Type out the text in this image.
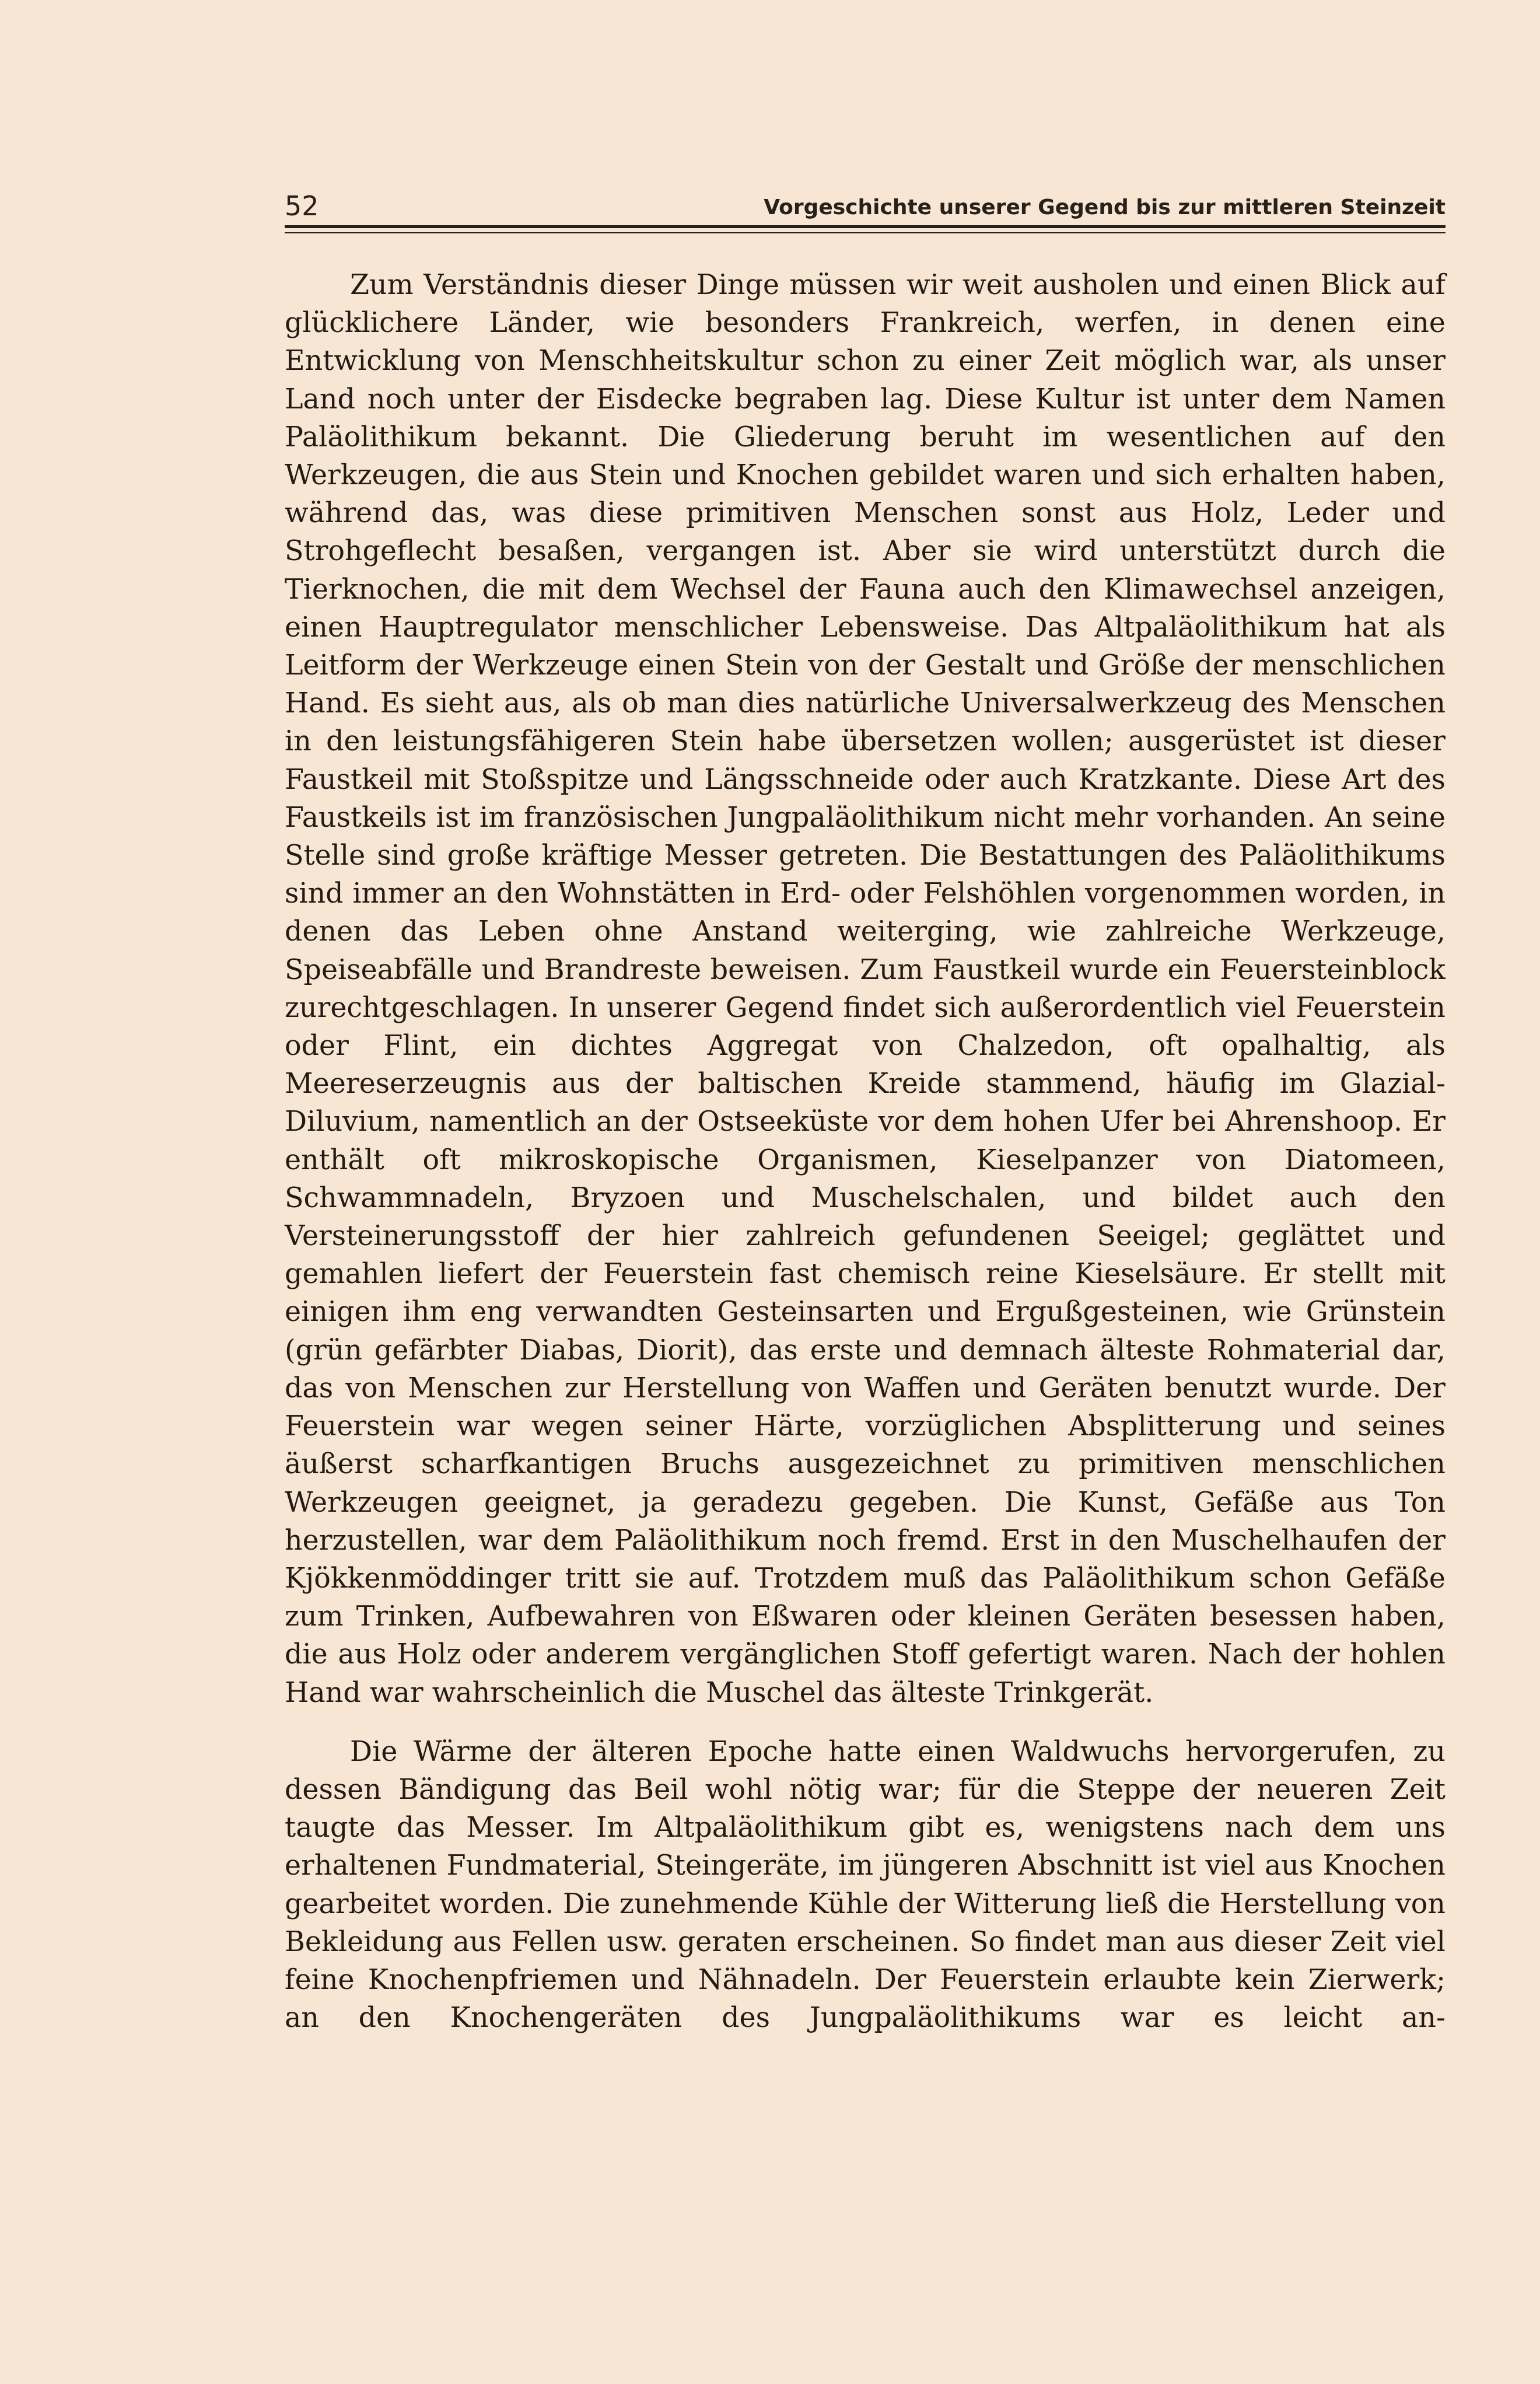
52	Vorgeschichte unserer Gegend bis zur mittleren Steinzeit

Zum Verständnis dieser Dinge müssen wir weit ausholen und einen Blick auf glücklichere Länder, wie besonders Frankreich, werfen, in denen eine Entwicklung von Menschheitskultur schon zu einer Zeit möglich war, als unser Land noch unter der Eisdecke begraben lag. Diese Kultur ist unter dem Namen Paläolithikum bekannt. Die Gliederung beruht im wesentlichen auf den Werkzeugen, die aus Stein und Knochen gebildet waren und sich erhalten haben, während das, was diese primitiven Menschen sonst aus Holz, Leder und Strohgeflecht besaßen, vergangen ist. Aber sie wird unterstützt durch die Tierknochen, die mit dem Wechsel der Fauna auch den Klimawechsel anzeigen, einen Hauptregulator menschlicher Lebensweise. Das Altpaläolithikum hat als Leitform der Werkzeuge einen Stein von der Gestalt und Größe der menschlichen Hand. Es sieht aus, als ob man dies natürliche Universalwerkzeug des Menschen in den leistungsfähigeren Stein habe übersetzen wollen; ausgerüstet ist dieser Faustkeil mit Stoßspitze und Längsschneide oder auch Kratzkante. Diese Art des Faustkeils ist im französischen Jungpaläolithikum nicht mehr vorhanden. An seine Stelle sind große kräftige Messer getreten. Die Bestattungen des Paläolithikums sind immer an den Wohnstätten in Erd- oder Felshöhlen vorgenommen worden, in denen das Leben ohne Anstand weiterging, wie zahlreiche Werkzeuge, Speiseabfälle und Brandreste beweisen. Zum Faustkeil wurde ein Feuersteinblock zurechtgeschlagen. In unserer Gegend findet sich außerordentlich viel Feuerstein oder Flint, ein dichtes Aggregat von Chalzedon, oft opalhaltig, als Meereserzeugnis aus der baltischen Kreide stammend, häufig im Glazial-Diluvium, namentlich an der Ostseeküste vor dem hohen Ufer bei Ahrenshoop. Er enthält oft mikroskopische Organismen, Kieselpanzer von Diatomeen, Schwammnadeln, Bryzoen und Muschelschalen, und bildet auch den Versteinerungsstoff der hier zahlreich gefundenen Seeigel; geglättet und gemahlen liefert der Feuerstein fast chemisch reine Kieselsäure. Er stellt mit einigen ihm eng verwandten Gesteinsarten und Ergußgesteinen, wie Grünstein (grün gefärbter Diabas, Diorit), das erste und demnach älteste Rohmaterial dar, das von Menschen zur Herstellung von Waffen und Geräten benutzt wurde. Der Feuerstein war wegen seiner Härte, vorzüglichen Absplitterung und seines äußerst scharfkantigen Bruchs ausgezeichnet zu primitiven menschlichen Werkzeugen geeignet, ja geradezu gegeben. Die Kunst, Gefäße aus Ton herzustellen, war dem Paläolithikum noch fremd. Erst in den Muschelhaufen der Kjökkenmöddinger tritt sie auf. Trotzdem muß das Paläolithikum schon Gefäße zum Trinken, Aufbewahren von Eßwaren oder kleinen Geräten besessen haben, die aus Holz oder anderem vergänglichen Stoff gefertigt waren. Nach der hohlen Hand war wahrscheinlich die Muschel das älteste Trinkgerät.

Die Wärme der älteren Epoche hatte einen Waldwuchs hervorgerufen, zu dessen Bändigung das Beil wohl nötig war; für die Steppe der neueren Zeit taugte das Messer. Im Altpaläolithikum gibt es, wenigstens nach dem uns erhaltenen Fundmaterial, Steingeräte, im jüngeren Abschnitt ist viel aus Knochen gearbeitet worden. Die zunehmende Kühle der Witterung ließ die Herstellung von Bekleidung aus Fellen usw. geraten erscheinen. So findet man aus dieser Zeit viel feine Knochenpfriemen und Nähnadeln. Der Feuerstein erlaubte kein Zierwerk; an den Knochengeräten des Jungpaläolithikums war es leicht an-
